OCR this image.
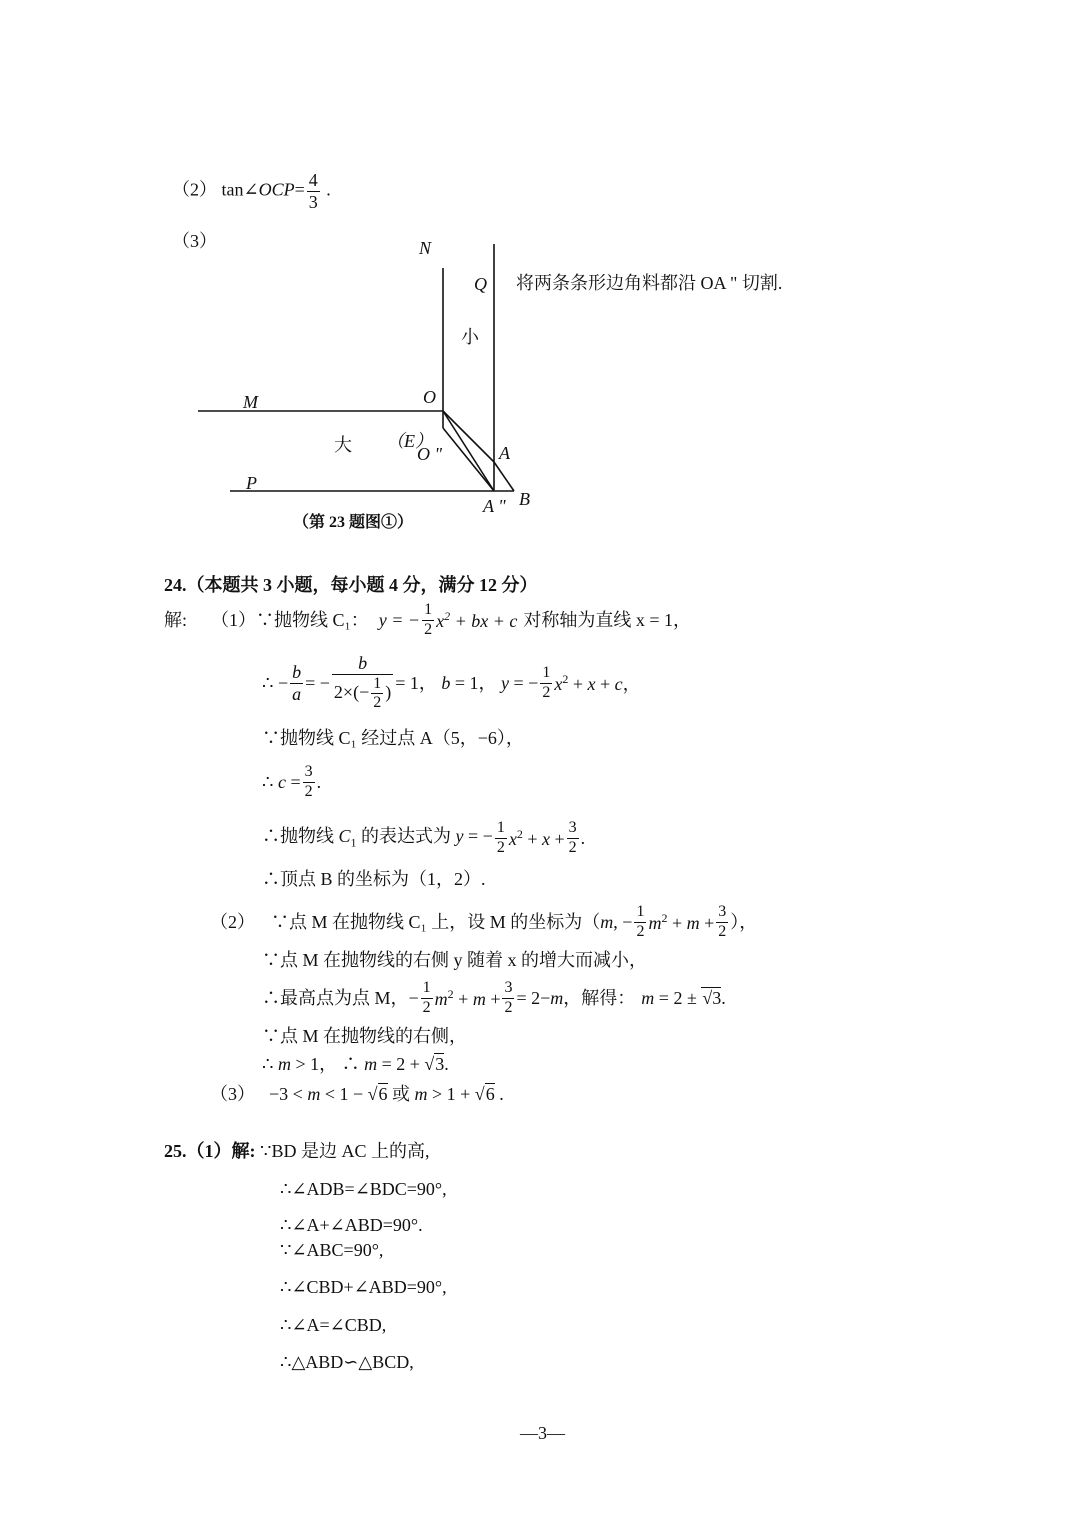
（2） tan∠OCP= $\frac{4}{3}$ .
（3）	N
Q
小
O
M
大 （E）
O "	A
P
A " B
将两条条形边角料都沿 OA " 切割.
（第 23 题图①）
24.（本题共 3 小题，每小题 4 分，满分 12 分）
解: （1）∵抛物线 C₁： y = − $\frac{1}{2} x^2$ + bx + c 对称轴为直线 x = 1，
∴ − $\frac{b}{a}$ = − $\frac{b}{2\times(- \frac{1}{2} )} = 1$， b = 1， y = − $\frac{1}{2} x^2 + x + c$，
∵抛物线 C₁ 经过点 A（5，−6），
∴ $c = \frac{3}{2}$ .
∴抛物线 $C_1$ 的表达式为 y = − $\frac{1}{2} x^2 + x + \frac{3}{2}$ .
∴顶点 B 的坐标为（1，2）.
（2） ∵点 M 在抛物线 C₁ 上，设 M 的坐标为 （m, − $\frac{1}{2} m^2 + m + \frac{3}{2}$ ），
∵点 M 在抛物线的右侧 y 随着 x 的增大而减小，
∴最高点为点 M， − $\frac{1}{2} m^2 + m + \frac{3}{2} = 2-m$ ，解得： m = 2 ± √3.
∵点 M 在抛物线的右侧，
∴ m > 1， ∴ m = 2 + √3.
（3） −3 < m < 1 − √6 或 m > 1 + √6 .
25.（1）解: ∵BD 是边 AC 上的高,
∴∠ADB=∠BDC=90°,
∴∠A+∠ABD=90°.
∵∠ABC=90°,
∴∠CBD+∠ABD=90°,
∴∠A=∠CBD,
∴△ABD∽△BCD,
—3—
